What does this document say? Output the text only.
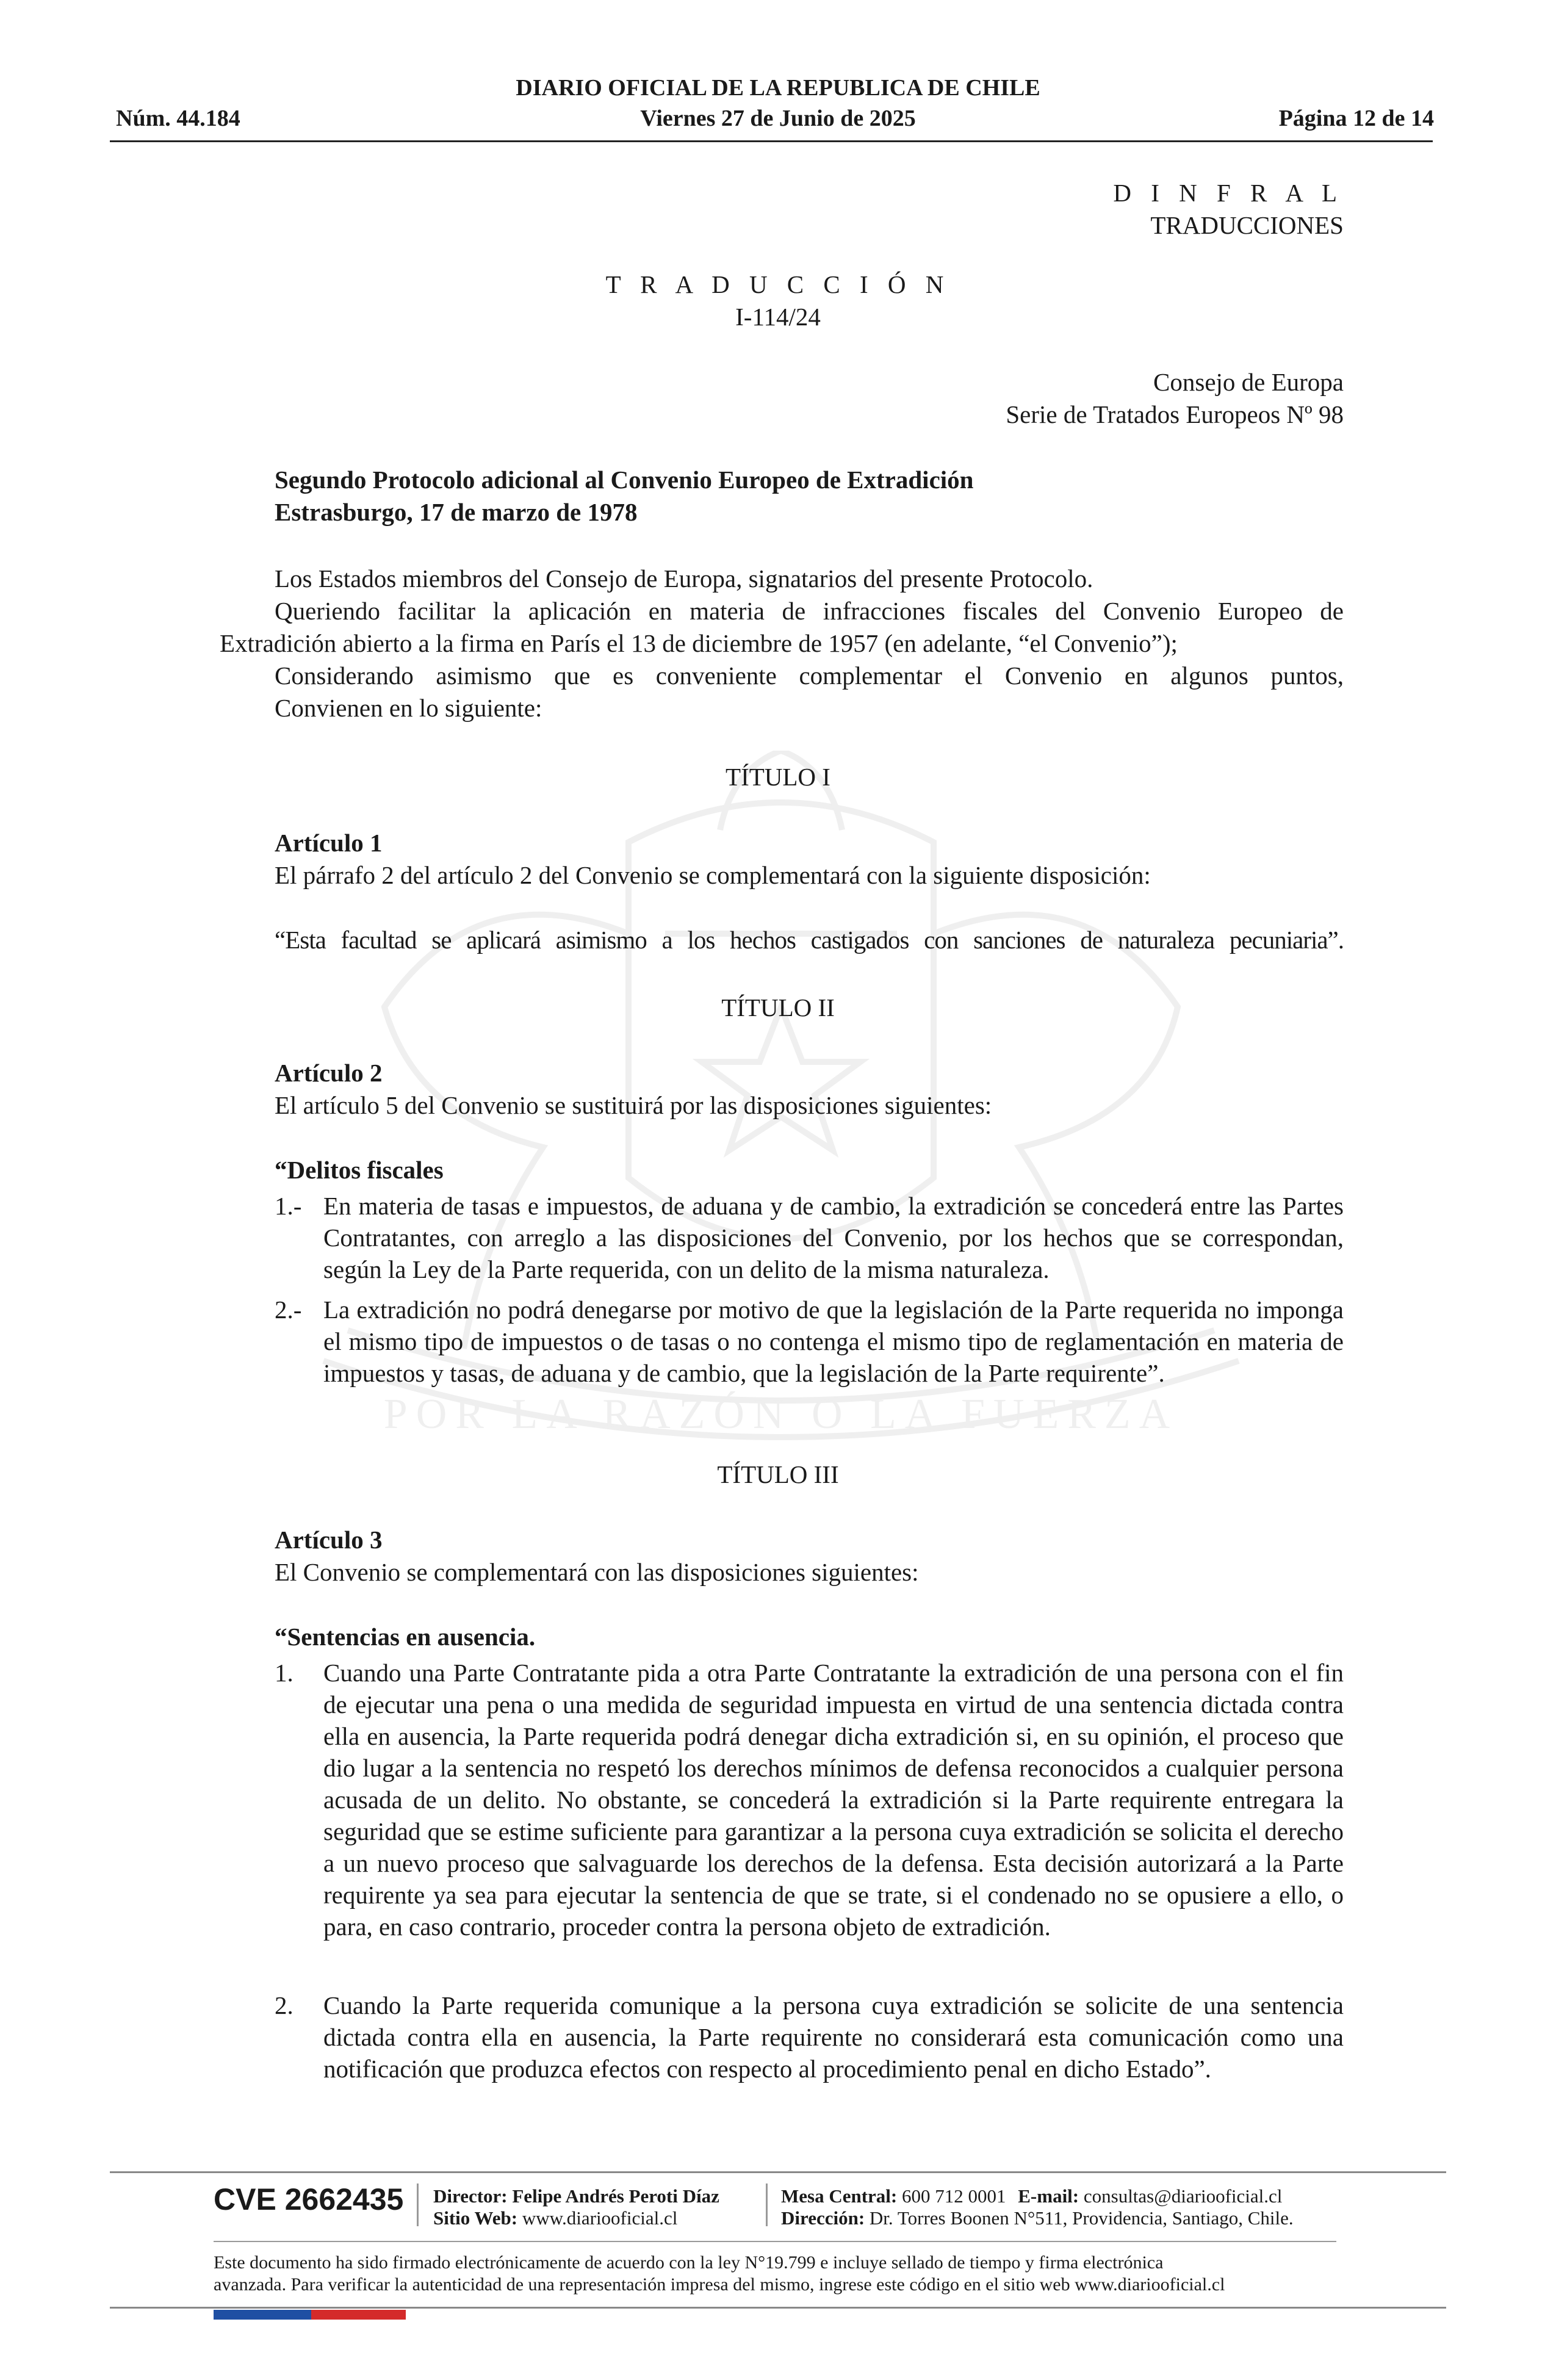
POR LA RAZÓN O LA FUERZA
DIARIO OFICIAL DE LA REPUBLICA DE CHILE
Núm. 44.184	Viernes 27 de Junio de 2025	Página 12 de 14

D I N F R A L

TRADUCCIONES

T R A D U C C I Ó N

I-114/24

Consejo de Europa

Serie de Tratados Europeos Nº 98

Segundo Protocolo adicional al Convenio Europeo de Extradición

Estrasburgo, 17 de marzo de 1978

Los Estados miembros del Consejo de Europa, signatarios del presente Protocolo.

Queriendo facilitar la aplicación en materia de infracciones fiscales del Convenio Europeo de

Extradición abierto a la firma en París el 13 de diciembre de 1957 (en adelante, “el Convenio”);

Considerando asimismo que es conveniente complementar el Convenio en algunos puntos,

Convienen en lo siguiente:

TÍTULO I

Artículo 1

El párrafo 2 del artículo 2 del Convenio se complementará con la siguiente disposición:

“Esta facultad se aplicará asimismo a los hechos castigados con sanciones de naturaleza pecuniaria”.

TÍTULO II

Artículo 2

El artículo 5 del Convenio se sustituirá por las disposiciones siguientes:

“Delitos fiscales

1.- En materia de tasas e impuestos, de aduana y de cambio, la extradición se concederá entre las Partes Contratantes, con arreglo a las disposiciones del Convenio, por los hechos que se correspondan, según la Ley de la Parte requerida, con un delito de la misma naturaleza.
2.- La extradición no podrá denegarse por motivo de que la legislación de la Parte requerida no imponga el mismo tipo de impuestos o de tasas o no contenga el mismo tipo de reglamentación en materia de impuestos y tasas, de aduana y de cambio, que la legislación de la Parte requirente”.
TÍTULO III

Artículo 3

El Convenio se complementará con las disposiciones siguientes:

“Sentencias en ausencia.

1.	Cuando una Parte Contratante pida a otra Parte Contratante la extradición de una persona con el fin de ejecutar una pena o una medida de seguridad impuesta en virtud de una sentencia dictada contra ella en ausencia, la Parte requerida podrá denegar dicha extradición si, en su opinión, el proceso que dio lugar a la sentencia no respetó los derechos mínimos de defensa reconocidos a cualquier persona acusada de un delito. No obstante, se concederá la extradición si la Parte requirente entregara la seguridad que se estime suficiente para garantizar a la persona cuya extradición se solicita el derecho a un nuevo proceso que salvaguarde los derechos de la defensa. Esta decisión autorizará a la Parte requirente ya sea para ejecutar la sentencia de que se trate, si el condenado no se opusiere a ello, o para, en caso contrario, proceder contra la persona objeto de extradición.
2.	Cuando la Parte requerida comunique a la persona cuya extradición se solicite de una sentencia dictada contra ella en ausencia, la Parte requirente no considerará esta comunicación como una notificación que produzca efectos con respecto al procedimiento penal en dicho Estado”.
CVE 2662435 Director: Felipe Andrés Peroti Díaz
Sitio Web: www.diariooficial.cl
Mesa Central: 600 712 0001 E-mail: consultas@diariooficial.cl
Dirección: Dr. Torres Boonen N°511, Providencia, Santiago, Chile.
Este documento ha sido firmado electrónicamente de acuerdo con la ley N°19.799 e incluye sellado de tiempo y firma electrónica
avanzada. Para verificar la autenticidad de una representación impresa del mismo, ingrese este código en el sitio web www.diariooficial.cl
